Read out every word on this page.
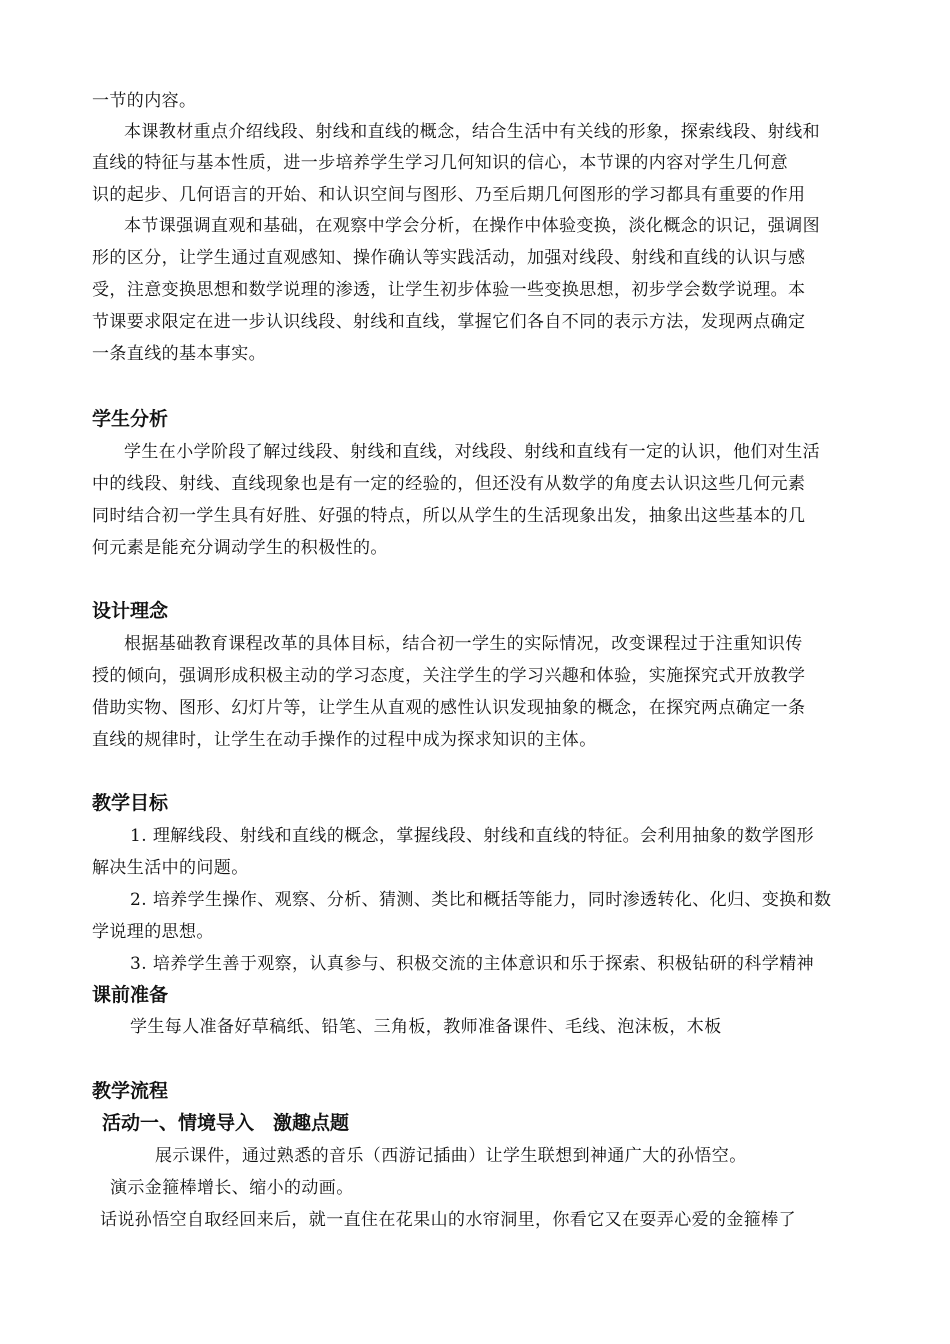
一节的内容。
本课教材重点介绍线段、射线和直线的概念，结合生活中有关线的形象，探索线段、射线和
直线的特征与基本性质，进一步培养学生学习几何知识的信心，本节课的内容对学生几何意
识的起步、几何语言的开始、和认识空间与图形、乃至后期几何图形的学习都具有重要的作用
本节课强调直观和基础，在观察中学会分析，在操作中体验变换，淡化概念的识记，强调图
形的区分，让学生通过直观感知、操作确认等实践活动，加强对线段、射线和直线的认识与感
受，注意变换思想和数学说理的渗透，让学生初步体验一些变换思想，初步学会数学说理。本
节课要求限定在进一步认识线段、射线和直线，掌握它们各自不同的表示方法，发现两点确定
一条直线的基本事实。
学生分析
学生在小学阶段了解过线段、射线和直线，对线段、射线和直线有一定的认识，他们对生活
中的线段、射线、直线现象也是有一定的经验的，但还没有从数学的角度去认识这些几何元素
同时结合初一学生具有好胜、好强的特点，所以从学生的生活现象出发，抽象出这些基本的几
何元素是能充分调动学生的积极性的。
设计理念
根据基础教育课程改革的具体目标，结合初一学生的实际情况，改变课程过于注重知识传
授的倾向，强调形成积极主动的学习态度，关注学生的学习兴趣和体验，实施探究式开放教学
借助实物、图形、幻灯片等，让学生从直观的感性认识发现抽象的概念，在探究两点确定一条
直线的规律时，让学生在动手操作的过程中成为探求知识的主体。
教学目标
1. 理解线段、射线和直线的概念，掌握线段、射线和直线的特征。会利用抽象的数学图形
解决生活中的问题。
2. 培养学生操作、观察、分析、猜测、类比和概括等能力，同时渗透转化、化归、变换和数
学说理的思想。
3. 培养学生善于观察，认真参与、积极交流的主体意识和乐于探索、积极钻研的科学精神
课前准备
学生每人准备好草稿纸、铅笔、三角板，教师准备课件、毛线、泡沫板，木板
教学流程
活动一、情境导入　激趣点题
展示课件，通过熟悉的音乐（西游记插曲）让学生联想到神通广大的孙悟空。
演示金箍棒增长、缩小的动画。
话说孙悟空自取经回来后，就一直住在花果山的水帘洞里，你看它又在耍弄心爱的金箍棒了
